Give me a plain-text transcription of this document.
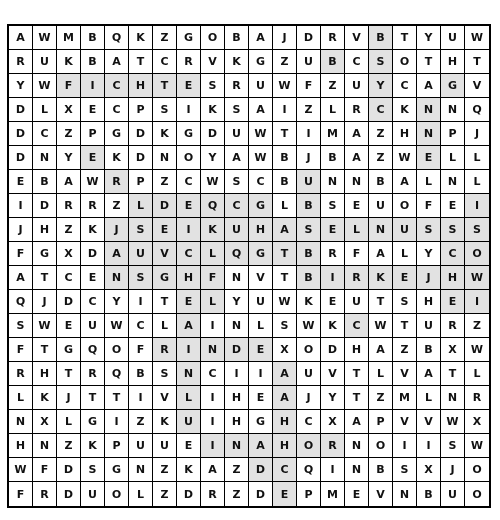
A	W	M	B	Q	K	Z	G	O	B	A	J	D	R	V	B	T	Y	U	W
R	U	K	B	A	T	C	R	V	K	G	Z	U	B	C	S	O	T	H	T
Y	W	F	I	C	H	T	E	S	R	U	W	F	Z	U	Y	C	A	G	V
D	L	X	E	C	P	S	I	K	S	A	I	Z	L	R	C	K	N	N	Q
D	C	Z	P	G	D	K	G	D	U	W	T	I	M	A	Z	H	N	P	J
D	N	Y	E	K	D	N	O	Y	A	W	B	J	B	A	Z	W	E	L	L
E	B	A	W	R	P	Z	C	W	S	C	B	U	N	N	B	A	L	N	L
I	D	R	R	Z	L	D	E	Q	C	G	L	B	S	E	U	O	F	E	I
J	H	Z	K	J	S	E	I	K	U	H	A	S	E	L	N	U	S	S	S
F	G	X	D	A	U	V	C	L	Q	G	T	B	R	F	A	L	Y	C	O
A	T	C	E	N	S	G	H	F	N	V	T	B	I	R	K	E	J	H	W
Q	J	D	C	Y	I	T	E	L	Y	U	W	K	E	U	T	S	H	E	I
S	W	E	U	W	C	L	A	I	N	L	S	W	K	C	W	T	U	R	Z
F	T	G	Q	O	F	R	I	N	D	E	X	O	D	H	A	Z	B	X	W
R	H	T	R	Q	B	S	N	C	I	I	A	U	V	T	L	V	A	T	L
L	K	J	T	T	I	V	L	I	H	E	A	J	Y	T	Z	M	L	N	R
N	X	L	G	I	Z	K	U	I	H	G	H	C	X	A	P	V	V	W	X
H	N	Z	K	P	U	U	E	I	N	A	H	O	R	N	O	I	I	S	W
W	F	D	S	G	N	Z	K	A	Z	D	C	Q	I	N	B	S	X	J	O
F	R	D	U	O	L	Z	D	R	Z	D	E	P	M	E	V	N	B	U	O
